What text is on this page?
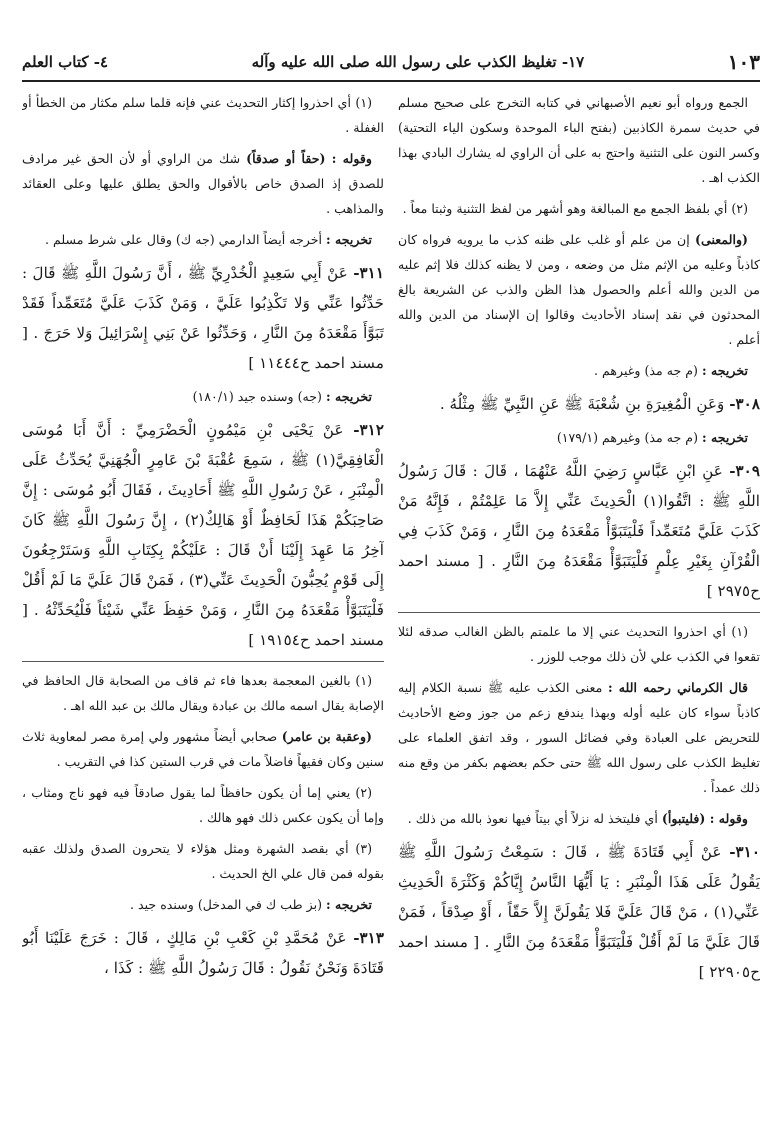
١٠٣
١٧- تغليظ الكذب على رسول الله صلى الله عليه وآله
٤- كتاب العلم

الجمع ورواه أبو نعيم الأصبهاني في كتابه التخرج على صحيح مسلم في حديث سمرة الكاذبين (بفتح الباء الموحدة وسكون الياء التحتية) وكسر النون على التثنية واحتج به على أن الراوي له يشارك البادي بهذا الكذب اهـ .

(٢) أي بلفظ الجمع مع المبالغة وهو أشهر من لفظ التثنية وثبتا معاً .

(والمعنى) إن من علم أو غلب على ظنه كذب ما يرويه فرواه كان كاذباً وعليه من الإثم مثل من وضعه ، ومن لا يظنه كذلك فلا إثم عليه من الدين والله أعلم والحصول هذا الظن والذب عن الشريعة بالغ المحدثون في نقد إسناد الأحاديث وقالوا إن الإسناد من الدين والله أعلم .

تخريجه : (م جه مذ) وغيرهم .

٣٠٨- وَعَنِ الْمُغِيرَةِ بنِ شُعْبَةَ ﷺ عَنِ النَّبِيِّ ﷺ مِثْلُهُ .

تخريجه : (م جه مذ) وغيرهم (١٧٩/١)

٣٠٩- عَنِ ابْنِ عَبَّاسٍ رَضِيَ اللَّهُ عَنْهُمَا ، قَالَ : قَالَ رَسُولُ اللَّهِ ﷺ : اتَّقُوا(١) الْحَدِيثَ عَنِّي إِلاَّ مَا عَلِمْتُمْ ، فَإِنَّهُ مَنْ كَذَبَ عَلَيَّ مُتَعَمِّداً فَلْيَتَبَوَّأْ مَقْعَدَهُ مِنَ النَّارِ ، وَمَنْ كَذَبَ فِي الْقُرْآنِ بِغَيْرِ عِلْمٍ فَلْيَتَبَوَّأْ مَقْعَدَهُ مِنَ النَّارِ . [ مسند احمد ح٢٩٧٥ ]

(١) أي احذروا التحديث عني إلا ما علمتم بالظن الغالب صدقه لئلا تقعوا في الكذب علي لأن ذلك موجب للوزر .

قال الكرماني رحمه الله : معنى الكذب عليه ﷺ نسبة الكلام إليه كاذباً سواء كان عليه أوله وبهذا يندفع زعم من جوز وضع الأحاديث للتحريض على العبادة وفي فضائل السور ، وقد اتفق العلماء على تغليظ الكذب على رسول الله ﷺ حتى حكم بعضهم بكفر من وقع منه ذلك عمداً .

وقوله : (فليتبوأ) أي فليتخذ له نزلاً أي بيتاً فيها نعوذ بالله من ذلك .

٣١٠- عَنْ أَبِي قَتَادَةَ ﷺ ، قَالَ : سَمِعْتُ رَسُولَ اللَّهِ ﷺ يَقُولُ عَلَى هَذَا الْمِنْبَرِ : يَا أَيُّهَا النَّاسُ إِيَّاكُمْ وَكَثْرَةَ الْحَدِيثِ عَنِّي(١) ، مَنْ قَالَ عَلَيَّ فَلا يَقُولَنَّ إِلاَّ حَقّاً ، أَوْ صِدْقاً ، فَمَنْ قَالَ عَلَيَّ مَا لَمْ أَقُلْ فَلْيَتَبَوَّأْ مَقْعَدَهُ مِنَ النَّارِ . [ مسند احمد ح٢٢٩٠٥ ]

(١) أي احذروا إكثار التحديث عني فإنه قلما سلم مكثار من الخطأ أو الغفلة .

وقوله : (حقاً أو صدقاً) شك من الراوي أو لأن الحق غير مرادف للصدق إذ الصدق خاص بالأقوال والحق يطلق عليها وعلى العقائد والمذاهب .

تخريجه : أخرجه أيضاً الدارمي (جه ك) وقال على شرط مسلم .

٣١١- عَنْ أَبِي سَعِيدٍ الْخُدْرِيِّ ﷺ ، أَنَّ رَسُولَ اللَّهِ ﷺ قَالَ : حَدِّثُوا عَنِّي وَلا تَكْذِبُوا عَلَيَّ ، وَمَنْ كَذَبَ عَلَيَّ مُتَعَمِّداً فَقَدْ تَبَوَّأَ مَقْعَدَهُ مِنَ النَّارِ ، وَحَدِّثُوا عَنْ بَنِي إِسْرَائِيلَ وَلا حَرَجَ . [ مسند احمد ح١١٤٤٤ ]

تخريجه : (جه) وسنده جيد (١٨٠/١)

٣١٢- عَنْ يَحْيَى بْنِ مَيْمُونٍ الْحَضْرَمِيِّ : أَنَّ أَبَا مُوسَى الْغَافِقِيَّ(١) ﷺ ، سَمِعَ عُقْبَةَ بْنَ عَامِرٍ الْجُهَنِيَّ يُحَدِّثُ عَلَى الْمِنْبَرِ ، عَنْ رَسُولِ اللَّهِ ﷺ أَحَادِيثَ ، فَقَالَ أَبُو مُوسَى : إِنَّ صَاحِبَكُمْ هَذَا لَحَافِظٌ أَوْ هَالِكٌ(٢) ، إِنَّ رَسُولَ اللَّهِ ﷺ كَانَ آخِرُ مَا عَهِدَ إِلَيْنَا أَنْ قَالَ : عَلَيْكُمْ بِكِتَابِ اللَّهِ وَسَتَرْجِعُونَ إِلَى قَوْمٍ يُحِبُّونَ الْحَدِيثَ عَنِّي(٣) ، فَمَنْ قَالَ عَلَيَّ مَا لَمْ أَقُلْ فَلْيَتَبَوَّأْ مَقْعَدَهُ مِنَ النَّارِ ، وَمَنْ حَفِظَ عَنِّي شَيْئاً فَلْيُحَدِّثْهُ . [ مسند احمد ح١٩١٥٤ ]

(١) بالغين المعجمة بعدها فاء ثم قاف من الصحابة قال الحافظ في الإصابة يقال اسمه مالك بن عبادة ويقال مالك بن عبد الله اهـ .

(وعقبة بن عامر) صحابي أيضاً مشهور ولي إمرة مصر لمعاوية ثلاث سنين وكان فقيهاً فاضلاً مات في قرب الستين كذا في التقريب .

(٢) يعني إما أن يكون حافظاً لما يقول صادقاً فيه فهو ناج ومثاب ، وإما أن يكون عكس ذلك فهو هالك .

(٣) أي بقصد الشهرة ومثل هؤلاء لا يتحرون الصدق ولذلك عقبه بقوله فمن قال علي الخ الحديث .

تخريجه : (بز طب ك في المدخل) وسنده جيد .

٣١٣- عَنْ مُحَمَّدِ بْنِ كَعْبِ بْنِ مَالِكٍ ، قَالَ : خَرَجَ عَلَيْنَا أَبُو قَتَادَةَ وَنَحْنُ نَقُولُ : قَالَ رَسُولُ اللَّهِ ﷺ : كَذَا ،
